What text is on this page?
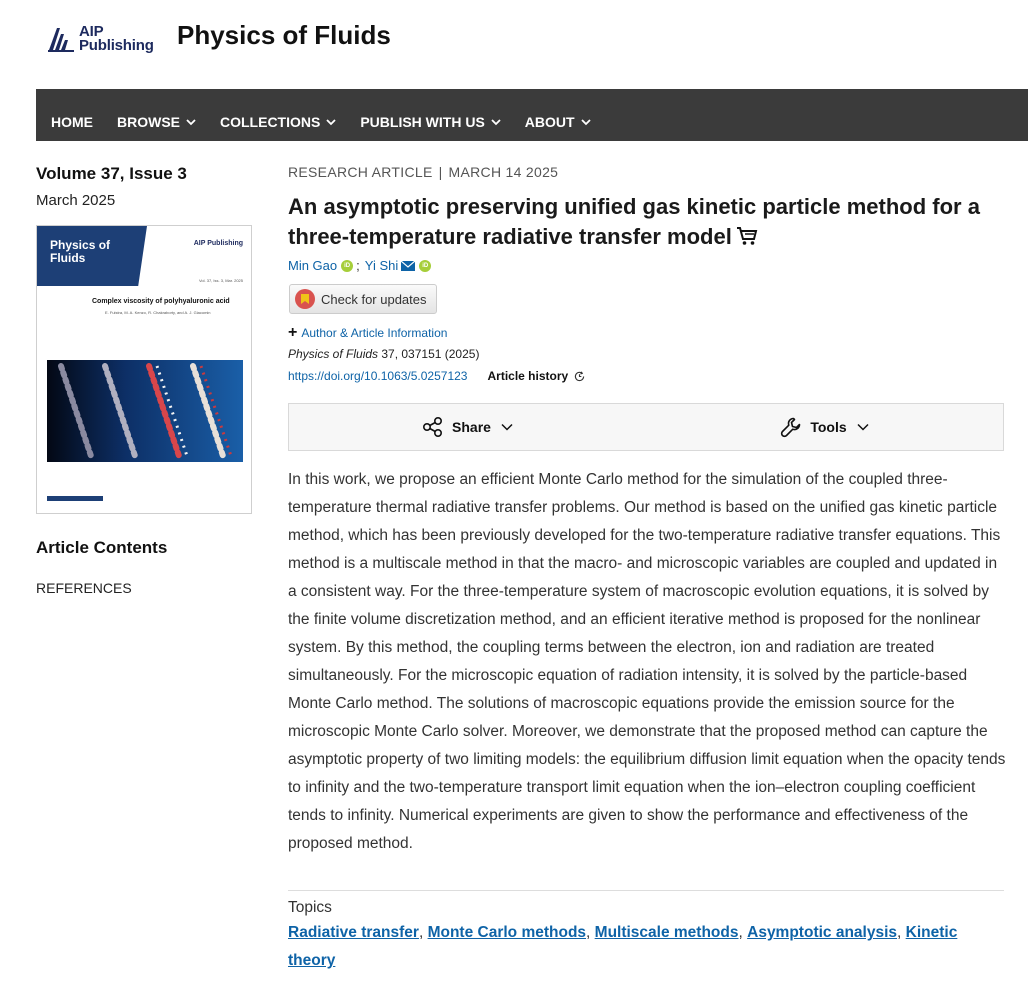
AIP
Publishing Physics of Fluids
HOME BROWSE	COLLECTIONS	PUBLISH WITH US	ABOUT
Volume 37, Issue 3
March 2025
Physics of
Fluids
AIP Publishing
Vol. 37, Iss. 3, Mar. 2025
Complex viscosity of polyhyaluronic acid
E. Fulstra, M. A. Kenzo, R. Chakraborty, and A. J. Giacomin
Article Contents
REFERENCES
RESEARCH ARTICLE | MARCH 14 2025
An asymptotic preserving unified gas kinetic particle method for a three-temperature radiative transfer model
Min Gao	iD ; Yi Shi	iD
Check for updates
+ Author & Article Information
Physics of Fluids 37, 037151 (2025)
https://doi.org/10.1063/5.0257123 Article history
Share	Tools

In this work, we propose an efficient Monte Carlo method for the simulation of the coupled three-temperature thermal radiative transfer problems. Our method is based on the unified gas kinetic particle method, which has been previously developed for the two-temperature radiative transfer equations. This method is a multiscale method in that the macro- and microscopic variables are coupled and updated in a consistent way. For the three-temperature system of macroscopic evolution equations, it is solved by the finite volume discretization method, and an efficient iterative method is proposed for the nonlinear system. By this method, the coupling terms between the electron, ion and radiation are treated simultaneously. For the microscopic equation of radiation intensity, it is solved by the particle-based Monte Carlo method. The solutions of macroscopic equations provide the emission source for the microscopic Monte Carlo solver. Moreover, we demonstrate that the proposed method can capture the asymptotic property of two limiting models: the equilibrium diffusion limit equation when the opacity tends to infinity and the two-temperature transport limit equation when the ion–electron coupling coefficient tends to infinity. Numerical experiments are given to show the performance and effectiveness of the proposed method.

Topics
Radiative transfer, Monte Carlo methods, Multiscale methods, Asymptotic analysis, Kinetic theory
